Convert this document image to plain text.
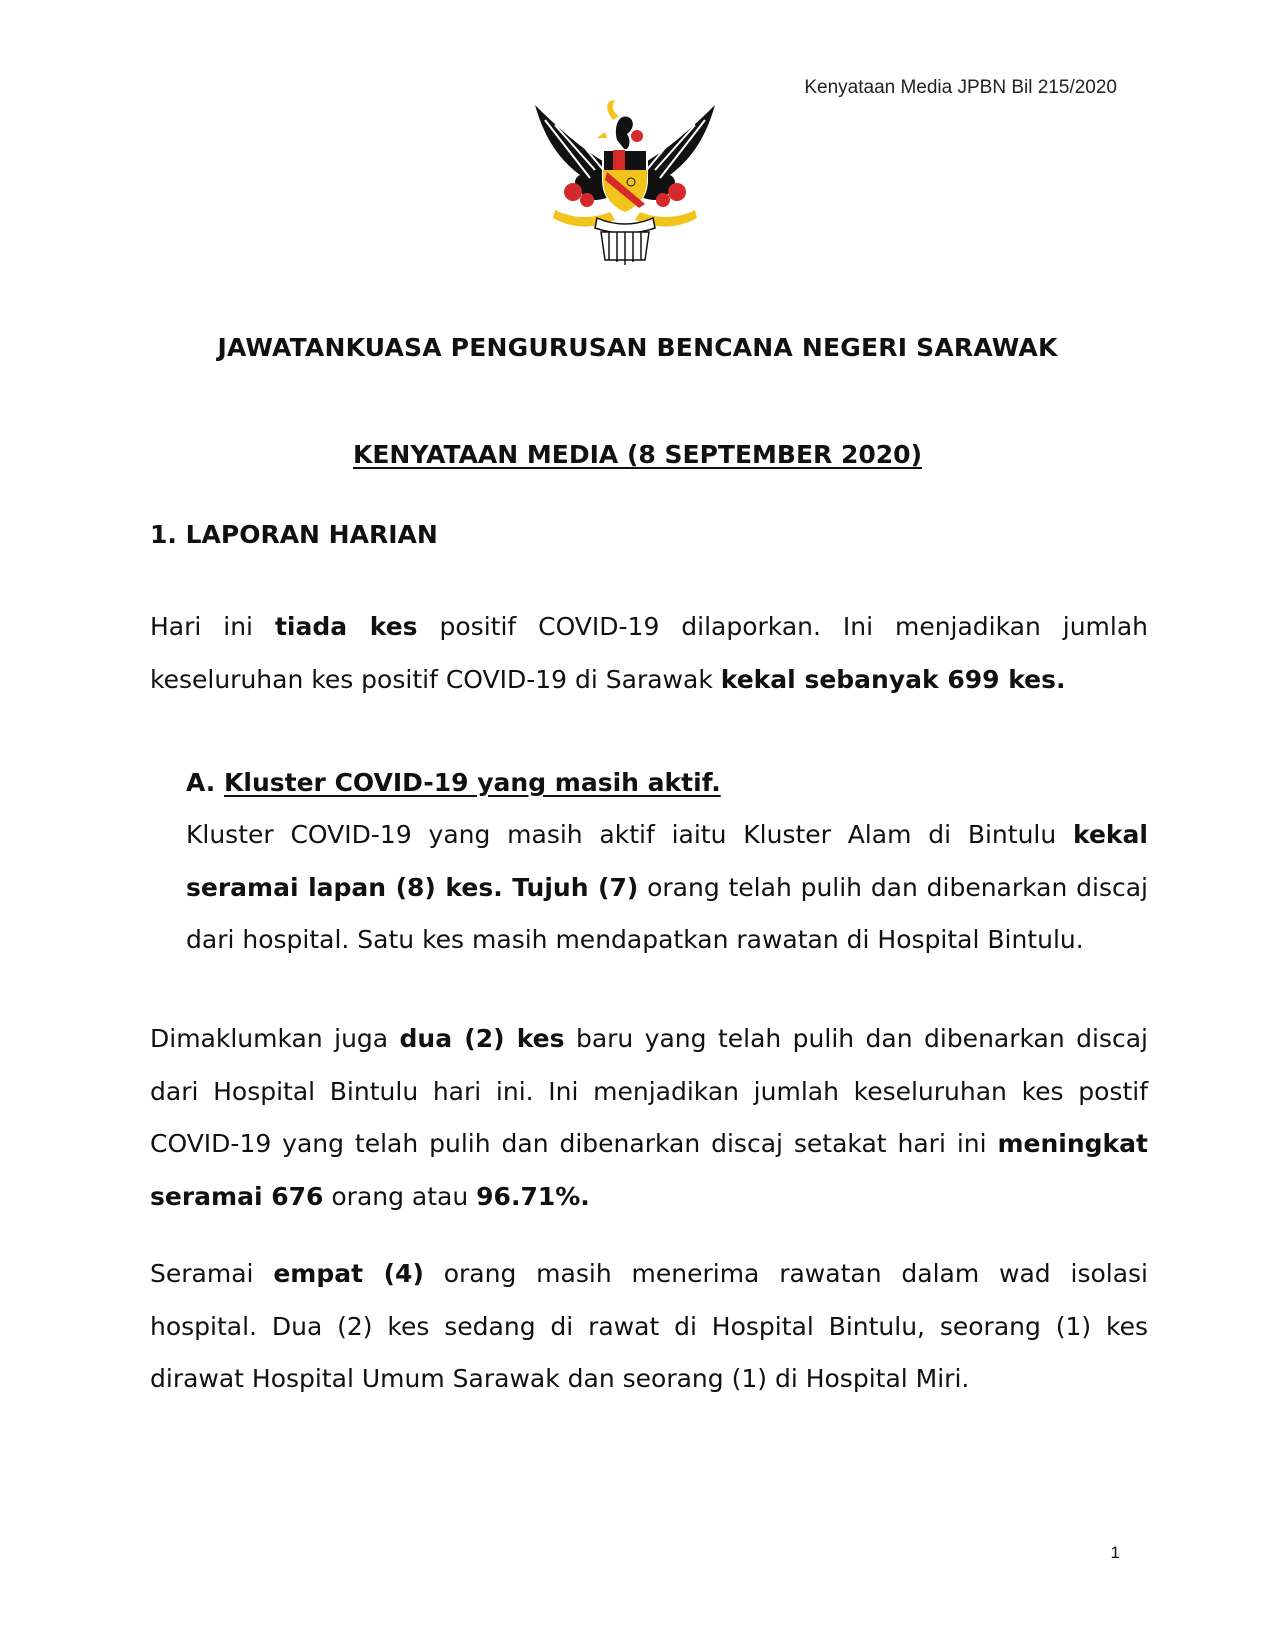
Kenyataan Media JPBN Bil 215/2020
JAWATANKUASA PENGURUSAN BENCANA NEGERI SARAWAK
KENYATAAN MEDIA (8 SEPTEMBER 2020)
1. LAPORAN HARIAN

Hari ini tiada kes positif COVID-19 dilaporkan. Ini menjadikan jumlah keseluruhan kes positif COVID-19 di Sarawak kekal sebanyak 699 kes.

A. Kluster COVID-19 yang masih aktif.

Kluster COVID-19 yang masih aktif iaitu Kluster Alam di Bintulu kekal seramai lapan (8) kes. Tujuh (7) orang telah pulih dan dibenarkan discaj dari hospital. Satu kes masih mendapatkan rawatan di Hospital Bintulu.

Dimaklumkan juga dua (2) kes baru yang telah pulih dan dibenarkan discaj dari Hospital Bintulu hari ini. Ini menjadikan jumlah keseluruhan kes postif COVID-19 yang telah pulih dan dibenarkan discaj setakat hari ini meningkat seramai 676 orang atau 96.71%.

Seramai empat (4) orang masih menerima rawatan dalam wad isolasi hospital. Dua (2) kes sedang di rawat di Hospital Bintulu, seorang (1) kes dirawat Hospital Umum Sarawak dan seorang (1) di Hospital Miri.

1
